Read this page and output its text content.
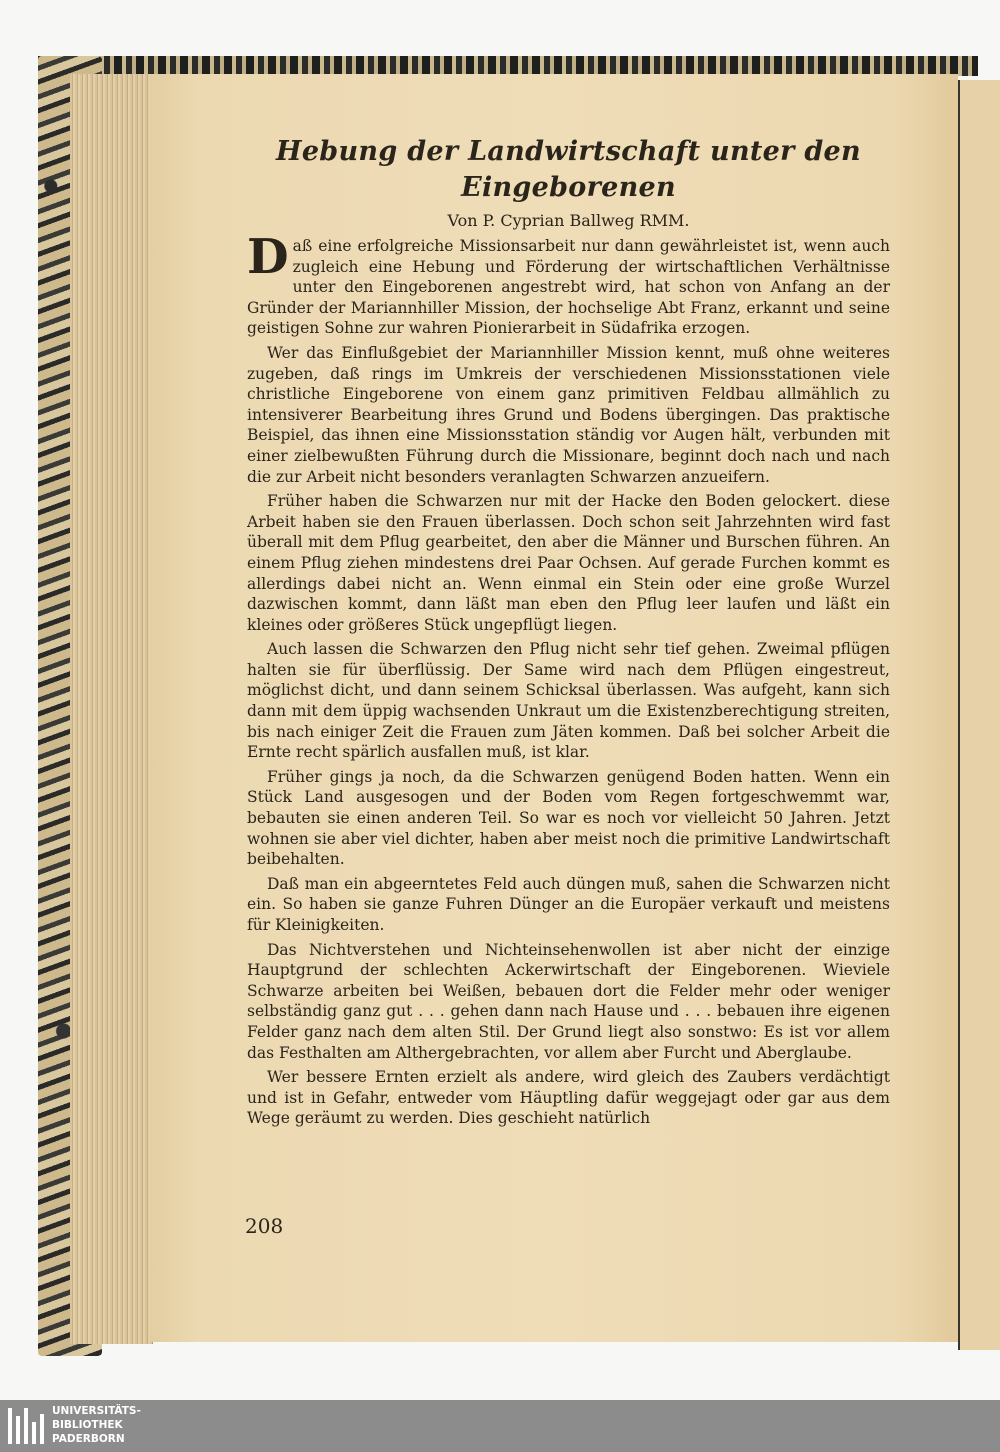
Hebung der Landwirtschaft unter den Eingeborenen
Von P. Cyprian Ballweg RMM.

Daß eine erfolgreiche Missionsarbeit nur dann gewährleistet ist, wenn auch zugleich eine Hebung und Förderung der wirtschaftlichen Verhältnisse unter den Eingeborenen angestrebt wird, hat schon von Anfang an der Gründer der Mariannhiller Mission, der hochselige Abt Franz, erkannt und seine geistigen Sohne zur wahren Pionierarbeit in Südafrika erzogen.

Wer das Einflußgebiet der Mariannhiller Mission kennt, muß ohne weiteres zugeben, daß rings im Umkreis der verschiedenen Missionsstationen viele christliche Eingeborene von einem ganz primitiven Feldbau allmählich zu intensiverer Bearbeitung ihres Grund und Bodens übergingen. Das praktische Beispiel, das ihnen eine Missionsstation ständig vor Augen hält, verbunden mit einer zielbewußten Führung durch die Missionare, beginnt doch nach und nach die zur Arbeit nicht besonders veranlagten Schwarzen anzueifern.

Früher haben die Schwarzen nur mit der Hacke den Boden gelockert. diese Arbeit haben sie den Frauen überlassen. Doch schon seit Jahrzehnten wird fast überall mit dem Pflug gearbeitet, den aber die Männer und Burschen führen. An einem Pflug ziehen mindestens drei Paar Ochsen. Auf gerade Furchen kommt es allerdings dabei nicht an. Wenn einmal ein Stein oder eine große Wurzel dazwischen kommt, dann läßt man eben den Pflug leer laufen und läßt ein kleines oder größeres Stück ungepflügt liegen.

Auch lassen die Schwarzen den Pflug nicht sehr tief gehen. Zweimal pflügen halten sie für überflüssig. Der Same wird nach dem Pflügen eingestreut, möglichst dicht, und dann seinem Schicksal überlassen. Was aufgeht, kann sich dann mit dem üppig wachsenden Unkraut um die Existenzberechtigung streiten, bis nach einiger Zeit die Frauen zum Jäten kommen. Daß bei solcher Arbeit die Ernte recht spärlich ausfallen muß, ist klar.

Früher gings ja noch, da die Schwarzen genügend Boden hatten. Wenn ein Stück Land ausgesogen und der Boden vom Regen fortgeschwemmt war, bebauten sie einen anderen Teil. So war es noch vor vielleicht 50 Jahren. Jetzt wohnen sie aber viel dichter, haben aber meist noch die primitive Landwirtschaft beibehalten.

Daß man ein abgeerntetes Feld auch düngen muß, sahen die Schwarzen nicht ein. So haben sie ganze Fuhren Dünger an die Europäer verkauft und meistens für Kleinigkeiten.

Das Nichtverstehen und Nichteinsehenwollen ist aber nicht der einzige Hauptgrund der schlechten Ackerwirtschaft der Eingeborenen. Wieviele Schwarze arbeiten bei Weißen, bebauen dort die Felder mehr oder weniger selbständig ganz gut . . . gehen dann nach Hause und . . . bebauen ihre eigenen Felder ganz nach dem alten Stil. Der Grund liegt also sonstwo: Es ist vor allem das Festhalten am Althergebrachten, vor allem aber Furcht und Aberglaube.

Wer bessere Ernten erzielt als andere, wird gleich des Zaubers verdächtigt und ist in Gefahr, entweder vom Häuptling dafür weggejagt oder gar aus dem Wege geräumt zu werden. Dies geschieht natürlich

208
UNIVERSITÄTS-
BIBLIOTHEK
PADERBORN
